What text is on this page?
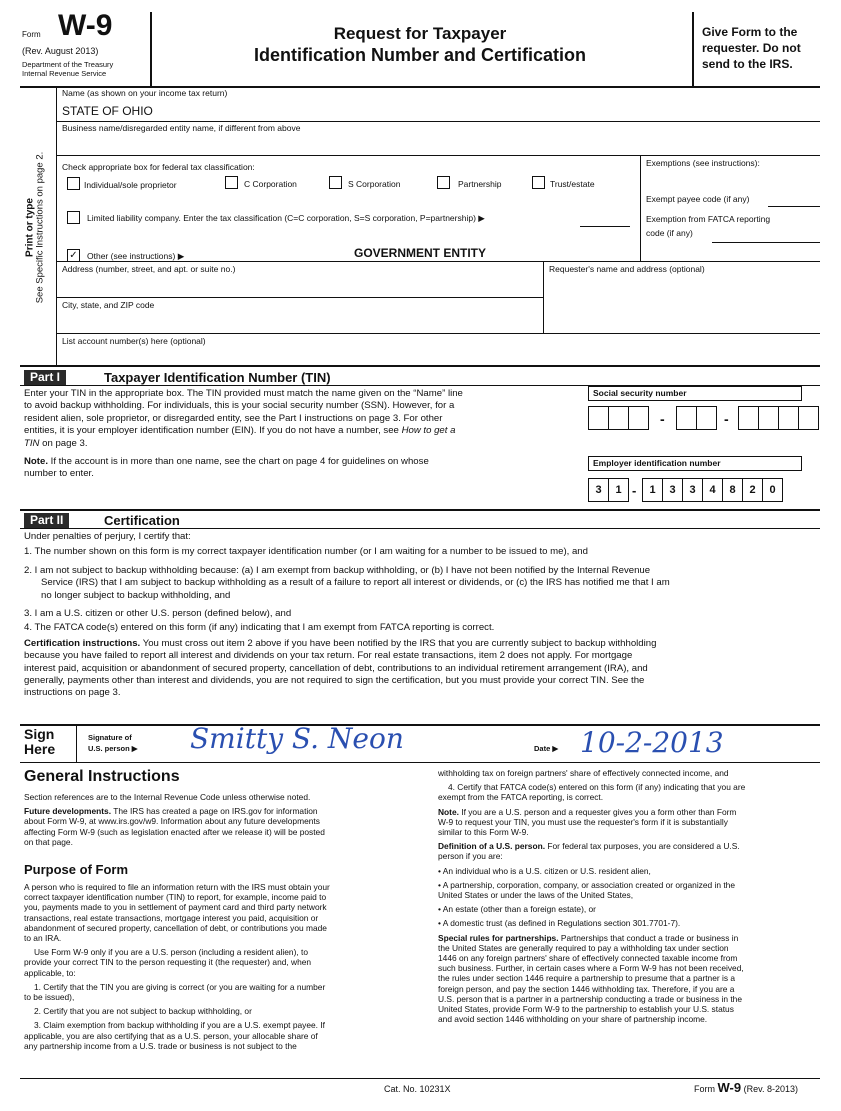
Form W-9
(Rev. August 2013)
Department of the Treasury
Internal Revenue Service
Request for Taxpayer
Identification Number and Certification
Give Form to the
requester. Do not
send to the IRS.
Print or type See Specific Instructions on page 2.
Name (as shown on your income tax return)
STATE OF OHIO
Business name/disregarded entity name, if different from above
Check appropriate box for federal tax classification:	Exemptions (see instructions):
Exempt payee code (if any)
Exemption from FATCA reporting
code (if any)
Individual/sole proprietor	C Corporation	S Corporation	Partnership	Trust/estate
Limited liability company. Enter the tax classification (C=C corporation, S=S corporation, P=partnership) ▶
✓ Other (see instructions) ▶	GOVERNMENT ENTITY
Address (number, street, and apt. or suite no.)	Requester's name and address (optional)
City, state, and ZIP code
List account number(s) here (optional)
Part I	Taxpayer Identification Number (TIN)
Enter your TIN in the appropriate box. The TIN provided must match the name given on the “Name” line
to avoid backup withholding. For individuals, this is your social security number (SSN). However, for a
resident alien, sole proprietor, or disregarded entity, see the Part I instructions on page 3. For other
entities, it is your employer identification number (EIN). If you do not have a number, see How to get a
TIN on page 3.
Note. If the account is in more than one name, see the chart on page 4 for guidelines on whose
number to enter.
Social security number
-	-
Employer identification number
3	1 -	1	3	3	4	8	2	0
Part II	Certification
Under penalties of perjury, I certify that:
1. The number shown on this form is my correct taxpayer identification number (or I am waiting for a number to be issued to me), and
2. I am not subject to backup withholding because: (a) I am exempt from backup withholding, or (b) I have not been notified by the Internal Revenue
Service (IRS) that I am subject to backup withholding as a result of a failure to report all interest or dividends, or (c) the IRS has notified me that I am
no longer subject to backup withholding, and
3. I am a U.S. citizen or other U.S. person (defined below), and
4. The FATCA code(s) entered on this form (if any) indicating that I am exempt from FATCA reporting is correct.
Certification instructions. You must cross out item 2 above if you have been notified by the IRS that you are currently subject to backup withholding
because you have failed to report all interest and dividends on your tax return. For real estate transactions, item 2 does not apply. For mortgage
interest paid, acquisition or abandonment of secured property, cancellation of debt, contributions to an individual retirement arrangement (IRA), and
generally, payments other than interest and dividends, you are not required to sign the certification, but you must provide your correct TIN. See the
instructions on page 3.
Sign
Here
Signature of
U.S. person ▶ Smitty S. Neon	Date ▶ 10-2-2013
General Instructions
Section references are to the Internal Revenue Code unless otherwise noted.
Future developments. The IRS has created a page on IRS.gov for information
about Form W-9, at www.irs.gov/w9. Information about any future developments
affecting Form W-9 (such as legislation enacted after we release it) will be posted
on that page.
Purpose of Form
A person who is required to file an information return with the IRS must obtain your
correct taxpayer identification number (TIN) to report, for example, income paid to
you, payments made to you in settlement of payment card and third party network
transactions, real estate transactions, mortgage interest you paid, acquisition or
abandonment of secured property, cancellation of debt, or contributions you made
to an IRA.
Use Form W-9 only if you are a U.S. person (including a resident alien), to
provide your correct TIN to the person requesting it (the requester) and, when
applicable, to:
1. Certify that the TIN you are giving is correct (or you are waiting for a number
to be issued),
2. Certify that you are not subject to backup withholding, or
3. Claim exemption from backup withholding if you are a U.S. exempt payee. If
applicable, you are also certifying that as a U.S. person, your allocable share of
any partnership income from a U.S. trade or business is not subject to the
withholding tax on foreign partners' share of effectively connected income, and
4. Certify that FATCA code(s) entered on this form (if any) indicating that you are
exempt from the FATCA reporting, is correct.
Note. If you are a U.S. person and a requester gives you a form other than Form
W-9 to request your TIN, you must use the requester's form if it is substantially
similar to this Form W-9.
Definition of a U.S. person. For federal tax purposes, you are considered a U.S.
person if you are:
• An individual who is a U.S. citizen or U.S. resident alien,
• A partnership, corporation, company, or association created or organized in the
United States or under the laws of the United States,
• An estate (other than a foreign estate), or
• A domestic trust (as defined in Regulations section 301.7701-7).
Special rules for partnerships. Partnerships that conduct a trade or business in
the United States are generally required to pay a withholding tax under section
1446 on any foreign partners' share of effectively connected taxable income from
such business. Further, in certain cases where a Form W-9 has not been received,
the rules under section 1446 require a partnership to presume that a partner is a
foreign person, and pay the section 1446 withholding tax. Therefore, if you are a
U.S. person that is a partner in a partnership conducting a trade or business in the
United States, provide Form W-9 to the partnership to establish your U.S. status
and avoid section 1446 withholding on your share of partnership income.
Cat. No. 10231X	Form W-9 (Rev. 8-2013)
